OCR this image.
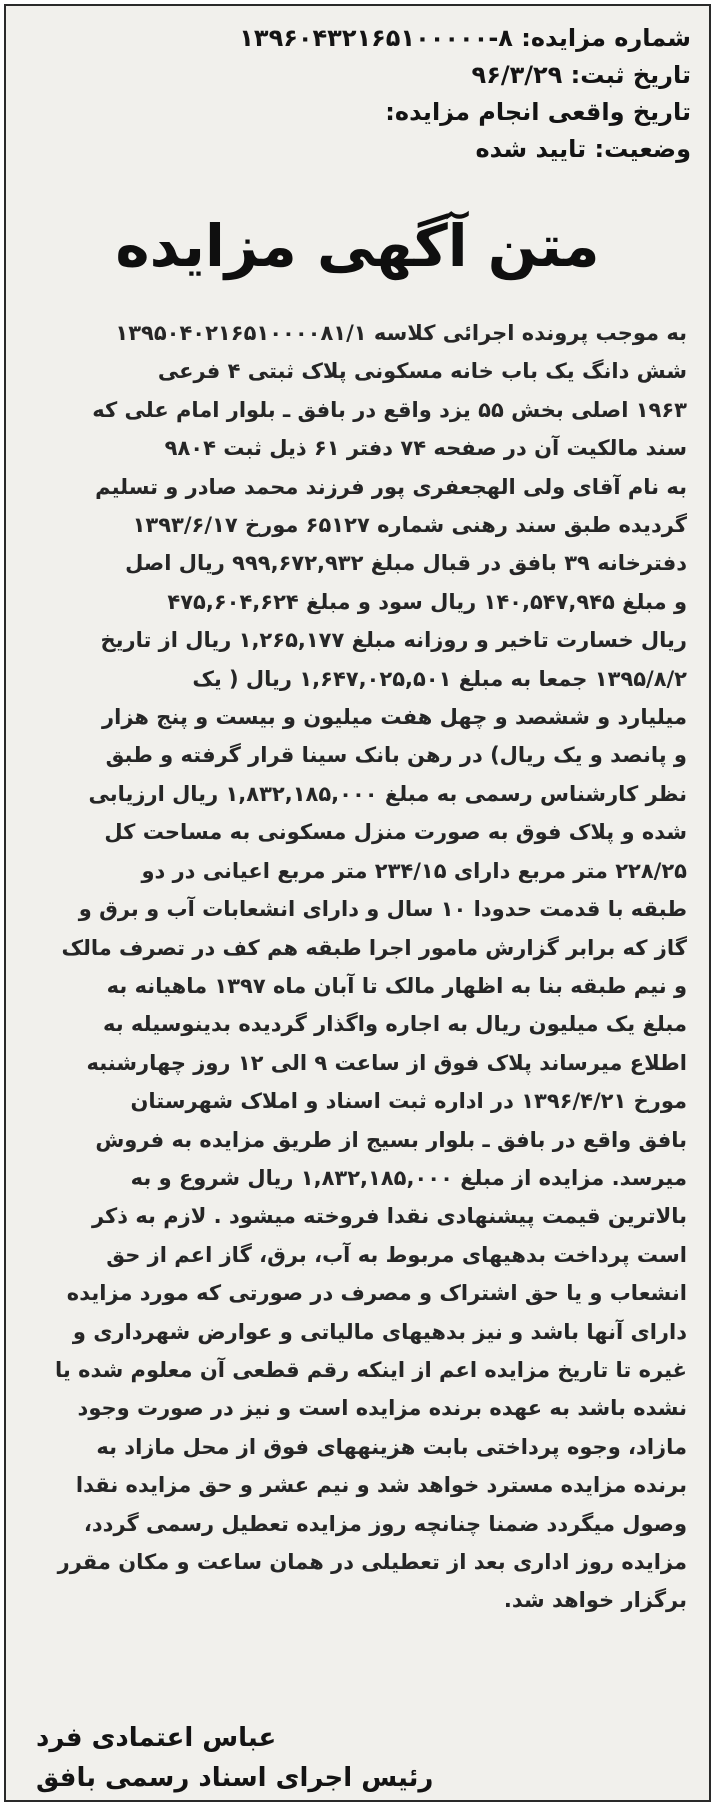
شماره مزایده: ۸-۱۳۹۶۰۴۳۲۱۶۵۱۰۰۰۰۰
تاریخ ثبت: ۹۶/۳/۲۹
تاریخ واقعی انجام مزایده:
وضعیت: تایید شده
متن آگهی مزایده
به موجب پرونده اجرائی کلاسه ۱۳۹۵۰۴۰۲۱۶۵۱۰۰۰۰۸۱/۱
شش دانگ یک باب خانه مسکونی پلاک ثبتی ۴ فرعی
۱۹۶۳ اصلی بخش ۵۵ یزد واقع در بافق ـ بلوار امام علی که
سند مالکیت آن در صفحه ۷۴ دفتر ۶۱ ذیل ثبت ۹۸۰۴
به نام آقای ولی الهجعفری پور فرزند محمد صادر و تسلیم
گردیده طبق سند رهنی شماره ۶۵۱۲۷ مورخ ۱۳۹۳/۶/۱۷
دفترخانه ۳۹ بافق در قبال مبلغ ۹۹۹,۶۷۲,۹۳۲ ریال اصل
و مبلغ ۱۴۰,۵۴۷,۹۴۵ ریال سود و مبلغ ۴۷۵,۶۰۴,۶۲۴
ریال خسارت تاخیر و روزانه مبلغ ۱,۲۶۵,۱۷۷ ریال از تاریخ
۱۳۹۵/۸/۲ جمعا به مبلغ ۱,۶۴۷,۰۲۵,۵۰۱ ریال ( یک
میلیارد و ششصد و چهل هفت میلیون و بیست و پنج هزار
و پانصد و یک ریال) در رهن بانک سینا قرار گرفته و طبق
نظر کارشناس رسمی به مبلغ ۱,۸۳۲,۱۸۵,۰۰۰ ریال ارزیابی
شده و پلاک فوق به صورت منزل مسکونی به مساحت کل
۲۲۸/۲۵ متر مربع دارای ۲۳۴/۱۵ متر مربع اعیانی در دو
طبقه با قدمت حدودا ۱۰ سال و دارای انشعابات آب و برق و
گاز که برابر گزارش مامور اجرا طبقه هم کف در تصرف مالک
و نیم طبقه بنا به اظهار مالک تا آبان ماه ۱۳۹۷ ماهیانه به
مبلغ یک میلیون ریال به اجاره واگذار گردیده بدینوسیله به
اطلاع میرساند پلاک فوق از ساعت ۹ الی ۱۲ روز چهارشنبه
مورخ ۱۳۹۶/۴/۲۱ در اداره ثبت اسناد و املاک شهرستان
بافق واقع در بافق ـ بلوار بسیج از طریق مزایده به فروش
میرسد. مزایده از مبلغ ۱,۸۳۲,۱۸۵,۰۰۰ ریال شروع و به
بالاترین قیمت پیشنهادی نقدا فروخته میشود . لازم به ذکر
است پرداخت بدهیهای مربوط به آب، برق، گاز اعم از حق
انشعاب و یا حق اشتراک و مصرف در صورتی که مورد مزایده
دارای آنها باشد و نیز بدهیهای مالیاتی و عوارض شهرداری و
غیره تا تاریخ مزایده اعم از اینکه رقم قطعی آن معلوم شده یا
نشده باشد به عهده برنده مزایده است و نیز در صورت وجود
مازاد، وجوه پرداختی بابت هزینههای فوق از محل مازاد به
برنده مزایده مسترد خواهد شد و نیم عشر و حق مزایده نقدا
وصول میگردد ضمنا چنانچه روز مزایده تعطیل رسمی گردد،
مزایده روز اداری بعد از تعطیلی در همان ساعت و مکان مقرر
برگزار خواهد شد.
عباس اعتمادی فرد
رئیس اجرای اسناد رسمی بافق
